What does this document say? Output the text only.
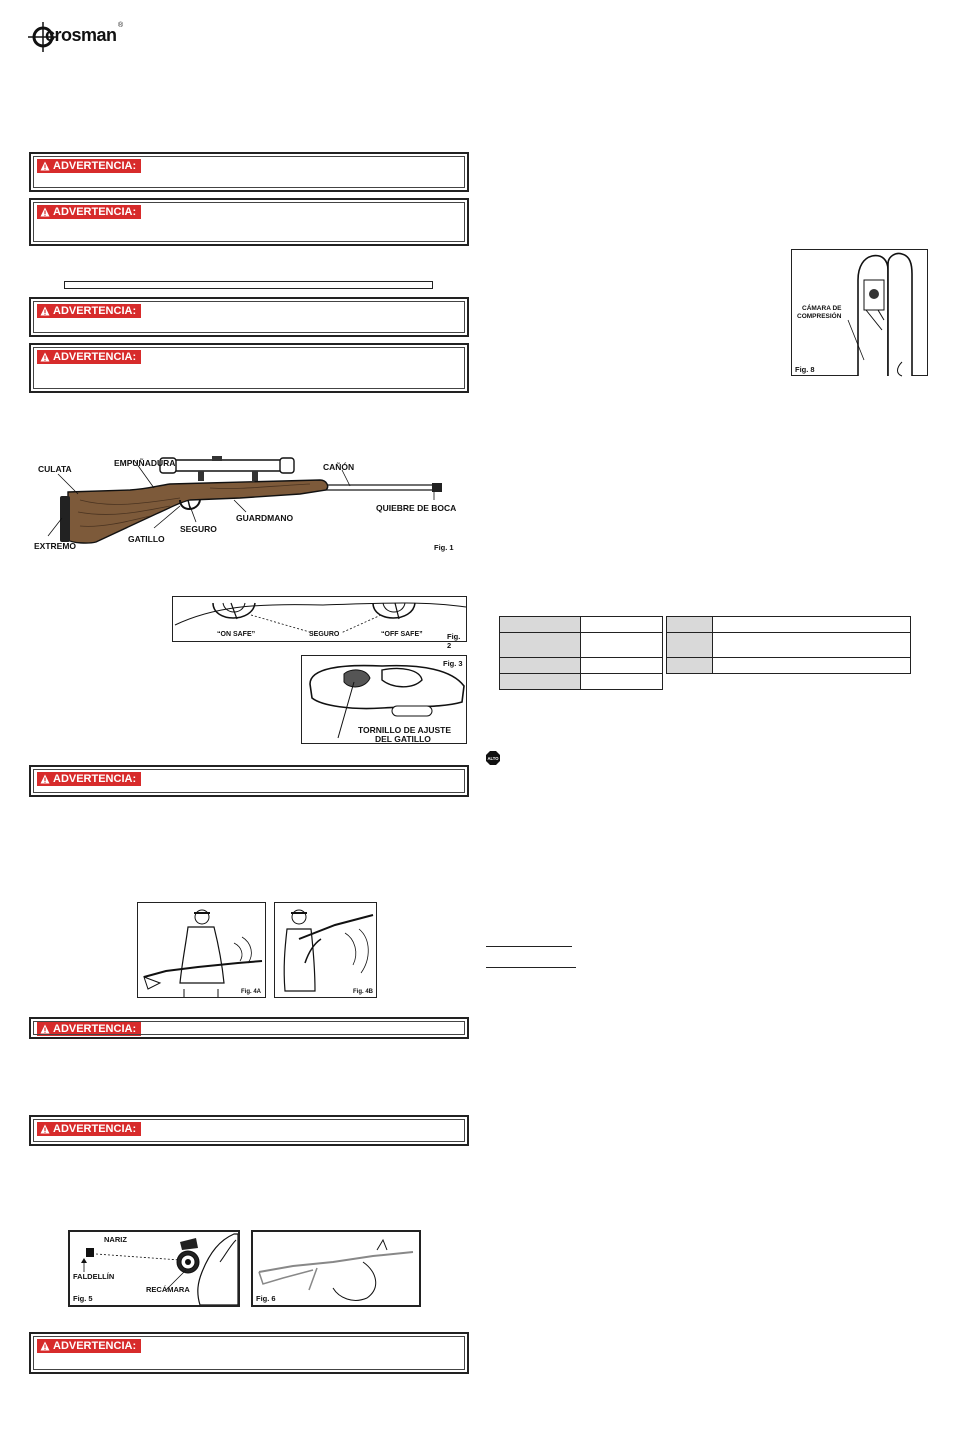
crosman ®
ADVERTENCIA:
ADVERTENCIA:
ADVERTENCIA:
ADVERTENCIA:
CULATA
EMPUÑADURA	CAÑÓN
QUIEBRE DE BOCA
GUARDMANO
SEGURO
GATILLO
EXTREMO	Fig. 1
“ON SAFE”	SEGURO	“OFF SAFE”	Fig. 2
Fig. 3
TORNILLO DE AJUSTE
DEL GATILLO
ADVERTENCIA:
Fig. 4A	Fig. 4B
ADVERTENCIA:
ADVERTENCIA:
NARIZ
FALDELLÍN
RECÁMARA
Fig. 5	Fig. 6
ADVERTENCIA:
CÁMARA DE
COMPRESIÓN
Fig. 8

ALTO
